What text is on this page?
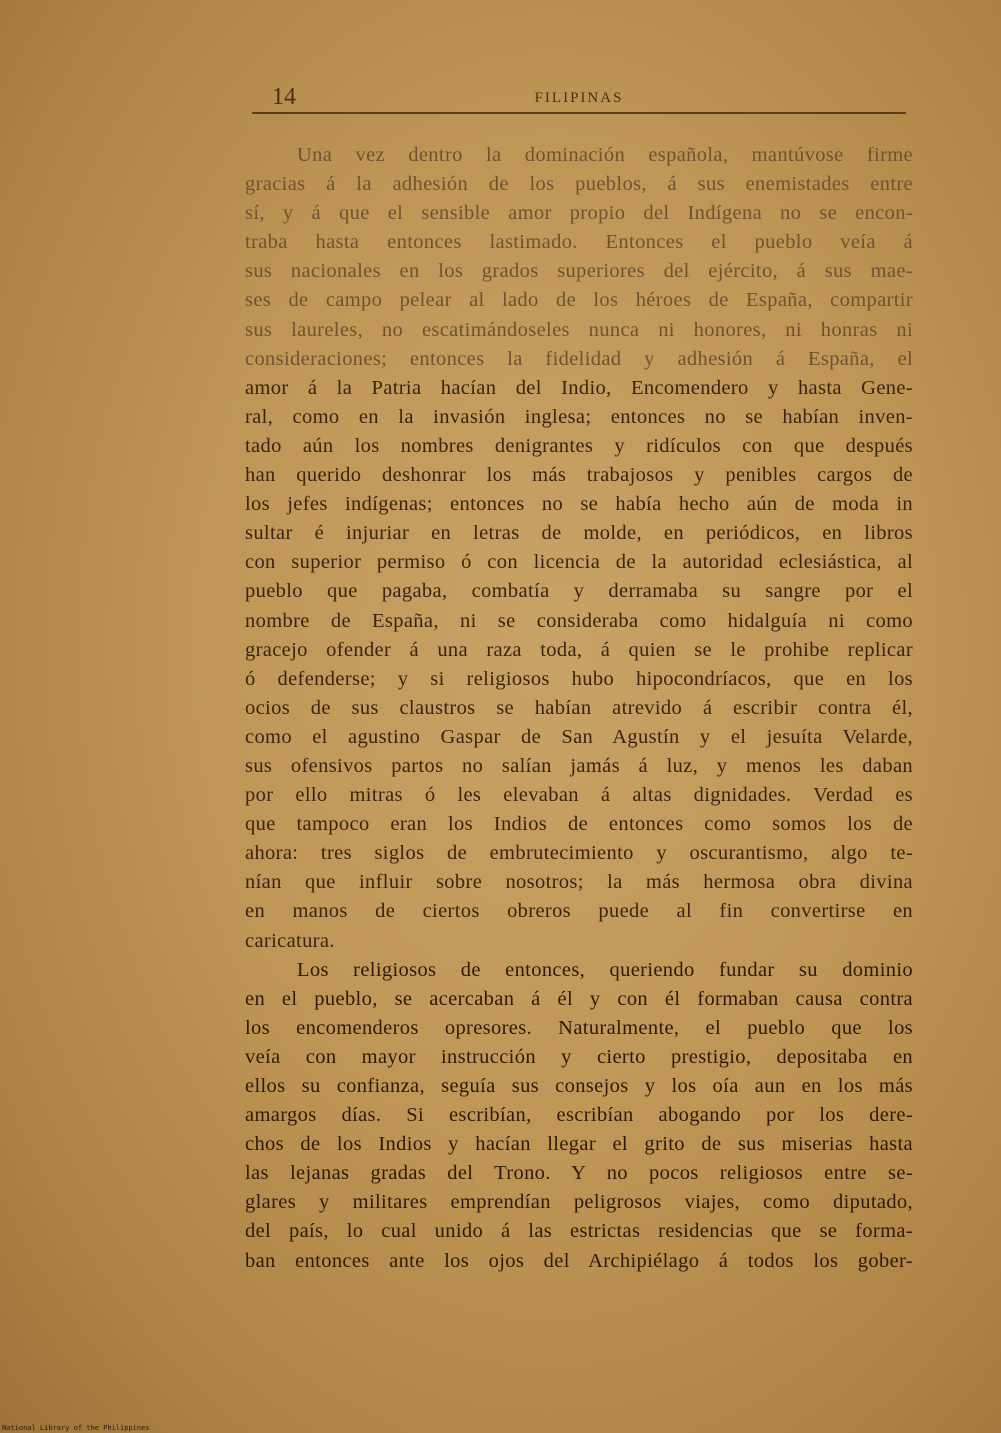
14	FILIPINAS
Una vez dentro la dominación española, mantúvose firme
gracias á la adhesión de los pueblos, á sus enemistades entre
sí, y á que el sensible amor propio del Indígena no se encon-
traba hasta entonces lastimado. Entonces el pueblo veía á
sus nacionales en los grados superiores del ejército, á sus mae-
ses de campo pelear al lado de los héroes de España, compartir
sus laureles, no escatimándoseles nunca ni honores, ni honras ni
consideraciones; entonces la fidelidad y adhesión á España, el
amor á la Patria hacían del Indio, Encomendero y hasta Gene-
ral, como en la invasión inglesa; entonces no se habían inven-
tado aún los nombres denigrantes y ridículos con que después
han querido deshonrar los más trabajosos y penibles cargos de
los jefes indígenas; entonces no se había hecho aún de moda in
sultar é injuriar en letras de molde, en periódicos, en libros
con superior permiso ó con licencia de la autoridad eclesiástica, al
pueblo que pagaba, combatía y derramaba su sangre por el
nombre de España, ni se consideraba como hidalguía ni como
gracejo ofender á una raza toda, á quien se le prohibe replicar
ó defenderse; y si religiosos hubo hipocondríacos, que en los
ocios de sus claustros se habían atrevido á escribir contra él,
como el agustino Gaspar de San Agustín y el jesuíta Velarde,
sus ofensivos partos no salían jamás á luz, y menos les daban
por ello mitras ó les elevaban á altas dignidades. Verdad es
que tampoco eran los Indios de entonces como somos los de
ahora: tres siglos de embrutecimiento y oscurantismo, algo te-
nían que influir sobre nosotros; la más hermosa obra divina
en manos de ciertos obreros puede al fin convertirse en
caricatura.
Los religiosos de entonces, queriendo fundar su dominio
en el pueblo, se acercaban á él y con él formaban causa contra
los encomenderos opresores. Naturalmente, el pueblo que los
veía con mayor instrucción y cierto prestigio, depositaba en
ellos su confianza, seguía sus consejos y los oía aun en los más
amargos días. Si escribían, escribían abogando por los dere-
chos de los Indios y hacían llegar el grito de sus miserias hasta
las lejanas gradas del Trono. Y no pocos religiosos entre se-
glares y militares emprendían peligrosos viajes, como diputado,
del país, lo cual unido á las estrictas residencias que se forma-
ban entonces ante los ojos del Archipiélago á todos los gober-
National Library of the Philippines
